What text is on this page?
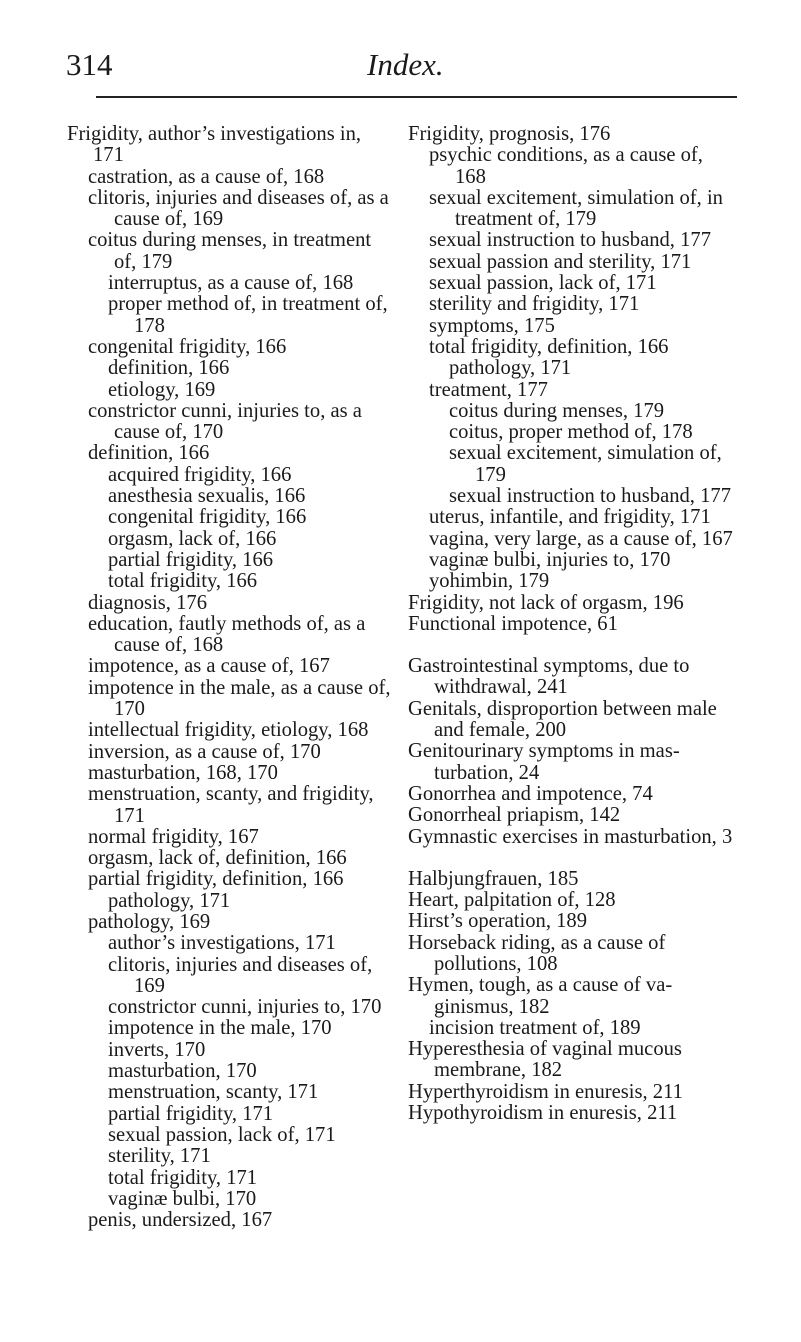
314	Index.

Frigidity, author’s investigations in, 171

castration, as a cause of, 168

clitoris, injuries and diseases of, as a cause of, 169

coitus during menses, in treatment of, 179

interruptus, as a cause of, 168

proper method of, in treatment of, 178

congenital frigidity, 166

definition, 166

etiology, 169

constrictor cunni, injuries to, as a cause of, 170

definition, 166

acquired frigidity, 166

anesthesia sexualis, 166

congenital frigidity, 166

orgasm, lack of, 166

partial frigidity, 166

total frigidity, 166

diagnosis, 176

education, fautly methods of, as a cause of, 168

impotence, as a cause of, 167

impotence in the male, as a cause of, 170

intellectual frigidity, etiology, 168

inversion, as a cause of, 170

masturbation, 168, 170

menstruation, scanty, and frigidity, 171

normal frigidity, 167

orgasm, lack of, definition, 166

partial frigidity, definition, 166

pathology, 171

pathology, 169

author’s investigations, 171

clitoris, injuries and diseases of, 169

constrictor cunni, injuries to, 170

impotence in the male, 170

inverts, 170

masturbation, 170

menstruation, scanty, 171

partial frigidity, 171

sexual passion, lack of, 171

sterility, 171

total frigidity, 171

vaginæ bulbi, 170

penis, undersized, 167

Frigidity, prognosis, 176

psychic conditions, as a cause of, 168

sexual excitement, simulation of, in treatment of, 179

sexual instruction to husband, 177

sexual passion and sterility, 171

sexual passion, lack of, 171

sterility and frigidity, 171

symptoms, 175

total frigidity, definition, 166

pathology, 171

treatment, 177

coitus during menses, 179

coitus, proper method of, 178

sexual excitement, simulation of, 179

sexual instruction to husband, 177

uterus, infantile, and frigidity, 171

vagina, very large, as a cause of, 167

vaginæ bulbi, injuries to, 170

yohimbin, 179

Frigidity, not lack of orgasm, 196

Functional impotence, 61

Gastrointestinal symptoms, due to withdrawal, 241

Genitals, disproportion between male and female, 200

Genitourinary symptoms in masturbation, 24

Gonorrhea and impotence, 74

Gonorrheal priapism, 142

Gymnastic exercises in masturbation, 3

Halbjungfrauen, 185

Heart, palpitation of, 128

Hirst’s operation, 189

Horseback riding, as a cause of pollutions, 108

Hymen, tough, as a cause of vaginismus, 182

incision treatment of, 189

Hyperesthesia of vaginal mucous membrane, 182

Hyperthyroidism in enuresis, 211

Hypothyroidism in enuresis, 211
